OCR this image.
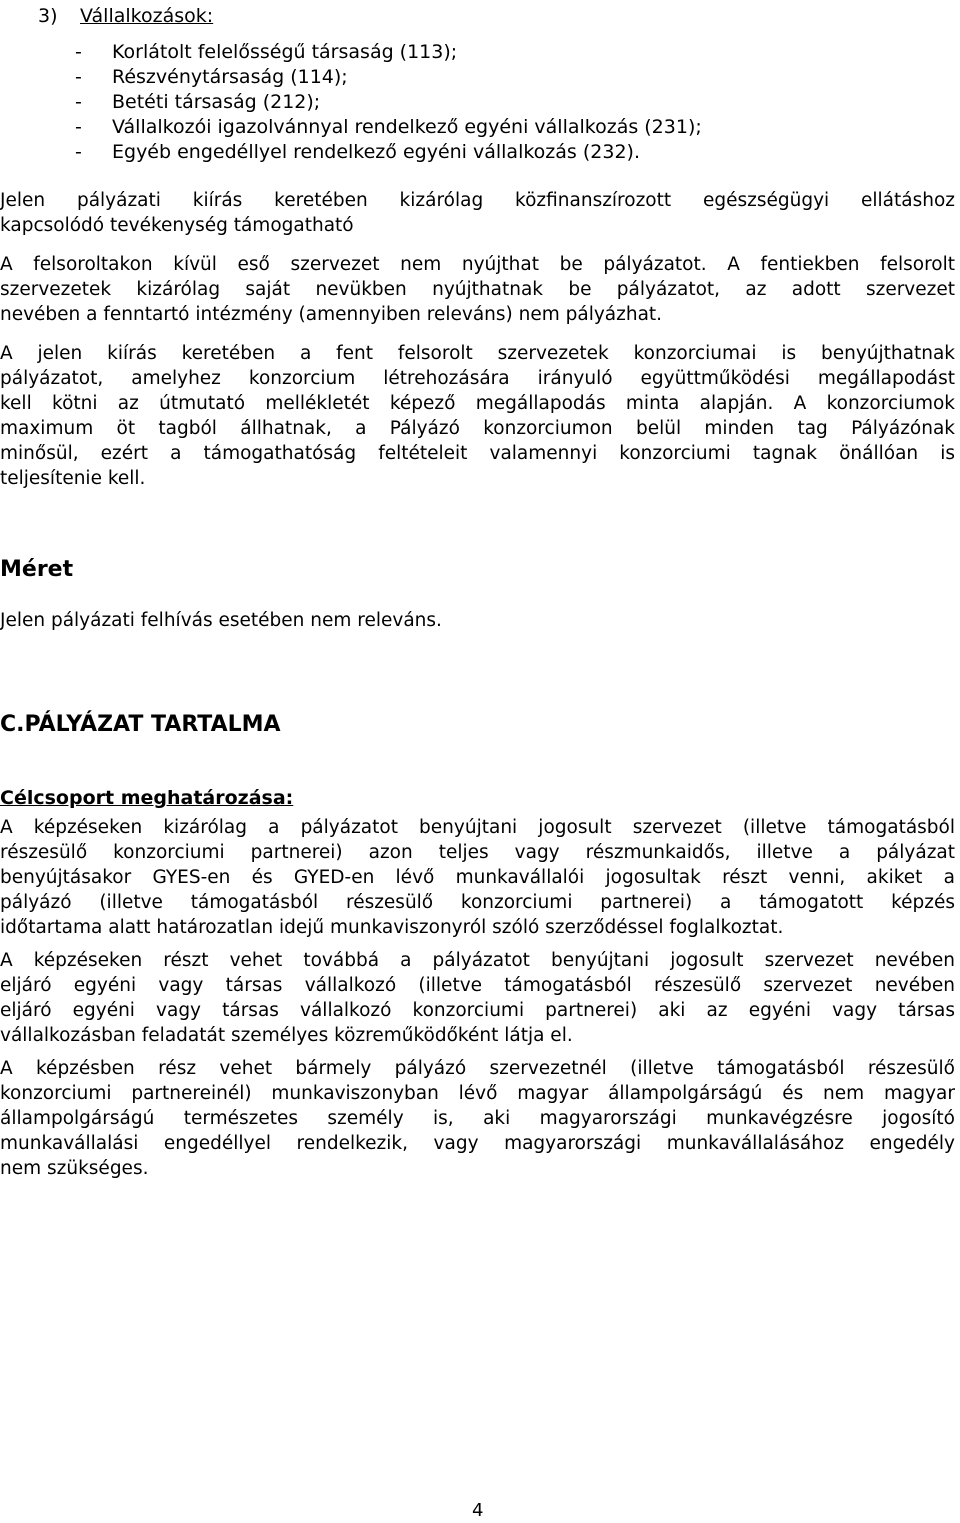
3) Vállalkozások:
- Korlátolt felelősségű társaság (113);
- Részvénytársaság (114);
- Betéti társaság (212);
- Vállalkozói igazolvánnyal rendelkező egyéni vállalkozás (231);
- Egyéb engedéllyel rendelkező egyéni vállalkozás (232).
Jelen pályázati kiírás keretében kizárólag közfinanszírozott egészségügyi ellátáshoz
kapcsolódó tevékenység támogatható
A felsoroltakon kívül eső szervezet nem nyújthat be pályázatot. A fentiekben felsorolt
szervezetek kizárólag saját nevükben nyújthatnak be pályázatot, az adott szervezet
nevében a fenntartó intézmény (amennyiben releváns) nem pályázhat.
A jelen kiírás keretében a fent felsorolt szervezetek konzorciumai is benyújthatnak
pályázatot, amelyhez konzorcium létrehozására irányuló együttműködési megállapodást
kell kötni az útmutató mellékletét képező megállapodás minta alapján. A konzorciumok
maximum öt tagból állhatnak, a Pályázó konzorciumon belül minden tag Pályázónak
minősül, ezért a támogathatóság feltételeit valamennyi konzorciumi tagnak önállóan is
teljesítenie kell.
Méret
Jelen pályázati felhívás esetében nem releváns.
C.PÁLYÁZAT TARTALMA
Célcsoport meghatározása:
A képzéseken kizárólag a pályázatot benyújtani jogosult szervezet (illetve támogatásból
részesülő konzorciumi partnerei) azon teljes vagy részmunkaidős, illetve a pályázat
benyújtásakor GYES-en és GYED-en lévő munkavállalói jogosultak részt venni, akiket a
pályázó (illetve támogatásból részesülő konzorciumi partnerei) a támogatott képzés
időtartama alatt határozatlan idejű munkaviszonyról szóló szerződéssel foglalkoztat.
A képzéseken részt vehet továbbá a pályázatot benyújtani jogosult szervezet nevében
eljáró egyéni vagy társas vállalkozó (illetve támogatásból részesülő szervezet nevében
eljáró egyéni vagy társas vállalkozó konzorciumi partnerei) aki az egyéni vagy társas
vállalkozásban feladatát személyes közreműködőként látja el.
A képzésben rész vehet bármely pályázó szervezetnél (illetve támogatásból részesülő
konzorciumi partnereinél) munkaviszonyban lévő magyar állampolgárságú és nem magyar
állampolgárságú természetes személy is, aki magyarországi munkavégzésre jogosító
munkavállalási engedéllyel rendelkezik, vagy magyarországi munkavállalásához engedély
nem szükséges.
4
